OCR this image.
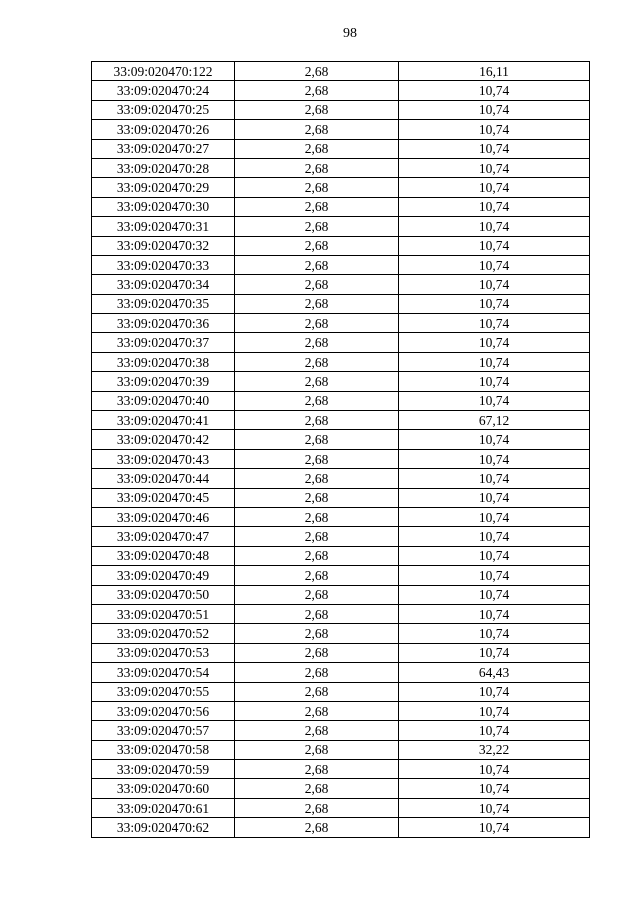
98
33:09:020470:122	2,68	16,11
33:09:020470:24	2,68	10,74
33:09:020470:25	2,68	10,74
33:09:020470:26	2,68	10,74
33:09:020470:27	2,68	10,74
33:09:020470:28	2,68	10,74
33:09:020470:29	2,68	10,74
33:09:020470:30	2,68	10,74
33:09:020470:31	2,68	10,74
33:09:020470:32	2,68	10,74
33:09:020470:33	2,68	10,74
33:09:020470:34	2,68	10,74
33:09:020470:35	2,68	10,74
33:09:020470:36	2,68	10,74
33:09:020470:37	2,68	10,74
33:09:020470:38	2,68	10,74
33:09:020470:39	2,68	10,74
33:09:020470:40	2,68	10,74
33:09:020470:41	2,68	67,12
33:09:020470:42	2,68	10,74
33:09:020470:43	2,68	10,74
33:09:020470:44	2,68	10,74
33:09:020470:45	2,68	10,74
33:09:020470:46	2,68	10,74
33:09:020470:47	2,68	10,74
33:09:020470:48	2,68	10,74
33:09:020470:49	2,68	10,74
33:09:020470:50	2,68	10,74
33:09:020470:51	2,68	10,74
33:09:020470:52	2,68	10,74
33:09:020470:53	2,68	10,74
33:09:020470:54	2,68	64,43
33:09:020470:55	2,68	10,74
33:09:020470:56	2,68	10,74
33:09:020470:57	2,68	10,74
33:09:020470:58	2,68	32,22
33:09:020470:59	2,68	10,74
33:09:020470:60	2,68	10,74
33:09:020470:61	2,68	10,74
33:09:020470:62	2,68	10,74
